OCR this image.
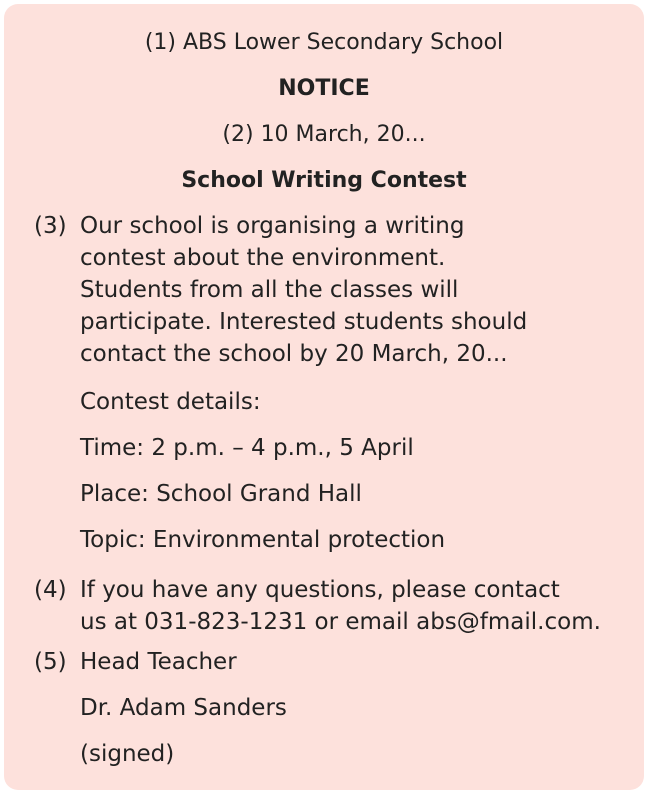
(1) ABS Lower Secondary School
NOTICE
(2) 10 March, 20...
School Writing Contest
(3) Our school is organising a writing
contest about the environment.
Students from all the classes will
participate. Interested students should
contact the school by 20 March, 20...
Contest details:
Time: 2 p.m. – 4 p.m., 5 April
Place: School Grand Hall
Topic: Environmental protection
(4) If you have any questions, please contact
us at 031-823-1231 or email abs@fmail.com.
(5) Head Teacher
Dr. Adam Sanders
(signed)
